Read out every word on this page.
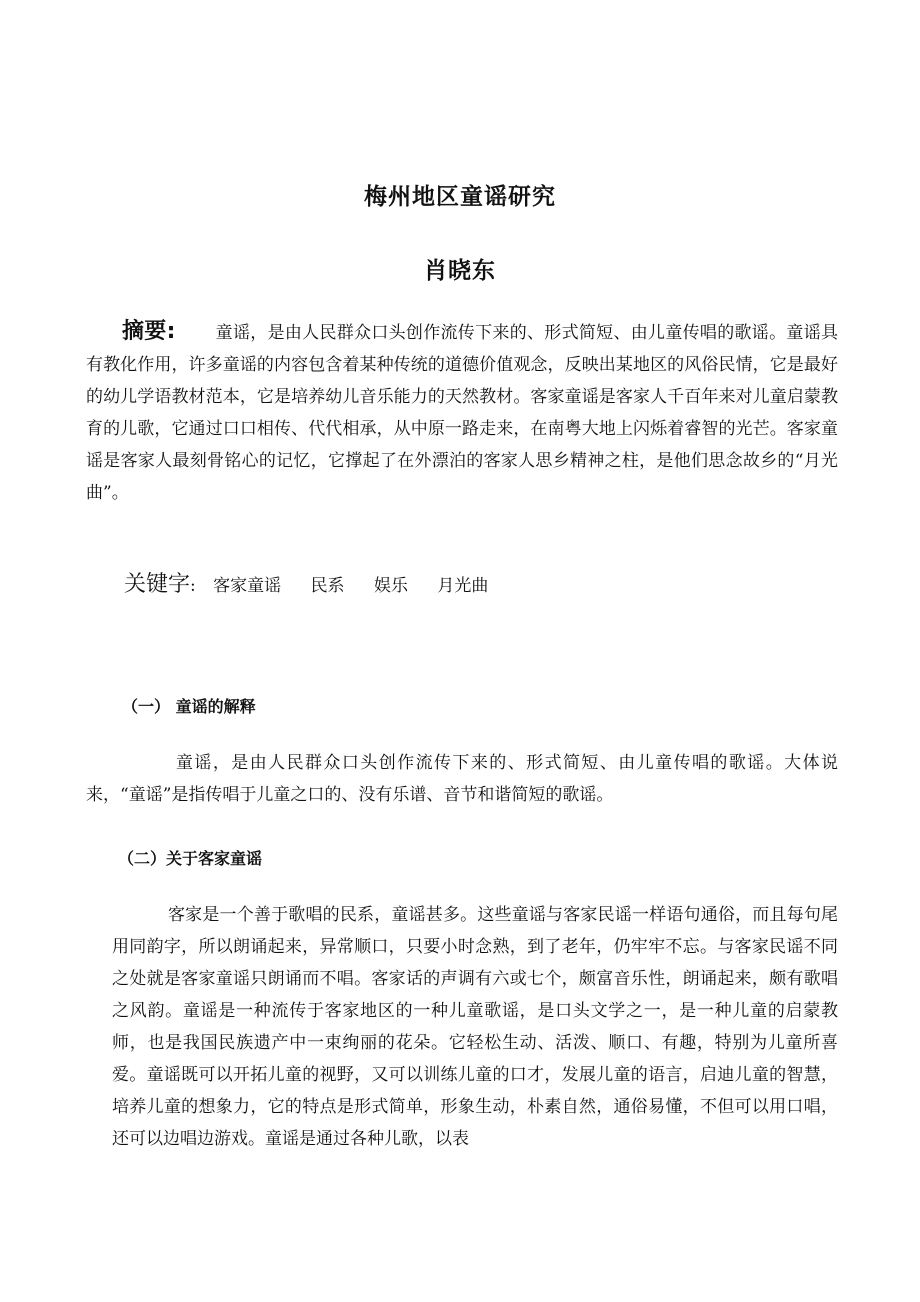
梅州地区童谣研究
肖晓东
摘要: 童谣，是由人民群众口头创作流传下来的、形式简短、由儿童传唱的歌谣。童谣具有教化作用，许多童谣的内容包含着某种传统的道德价值观念，反映出某地区的风俗民情，它是最好的幼儿学语教材范本，它是培养幼儿音乐能力的天然教材。客家童谣是客家人千百年来对儿童启蒙教育的儿歌，它通过口口相传、代代相承，从中原一路走来，在南粤大地上闪烁着睿智的光芒。客家童谣是客家人最刻骨铭心的记忆，它撑起了在外漂泊的客家人思乡精神之柱，是他们思念故乡的“月光曲”。
关键字: 客家童谣 民系 娱乐 月光曲
（一） 童谣的解释
童谣，是由人民群众口头创作流传下来的、形式简短、由儿童传唱的歌谣。大体说来，“童谣”是指传唱于儿童之口的、没有乐谱、音节和谐简短的歌谣。
（二）关于客家童谣
客家是一个善于歌唱的民系，童谣甚多。这些童谣与客家民谣一样语句通俗，而且每句尾用同韵字，所以朗诵起来，异常顺口，只要小时念熟，到了老年，仍牢牢不忘。与客家民谣不同之处就是客家童谣只朗诵而不唱。客家话的声调有六或七个，颇富音乐性，朗诵起来，颇有歌唱之风韵。童谣是一种流传于客家地区的一种儿童歌谣，是口头文学之一，是一种儿童的启蒙教师，也是我国民族遗产中一束绚丽的花朵。它轻松生动、活泼、顺口、有趣，特别为儿童所喜爱。童谣既可以开拓儿童的视野，又可以训练儿童的口才，发展儿童的语言，启迪儿童的智慧，培养儿童的想象力，它的特点是形式简单，形象生动，朴素自然，通俗易懂，不但可以用口唱，还可以边唱边游戏。童谣是通过各种儿歌，以表
